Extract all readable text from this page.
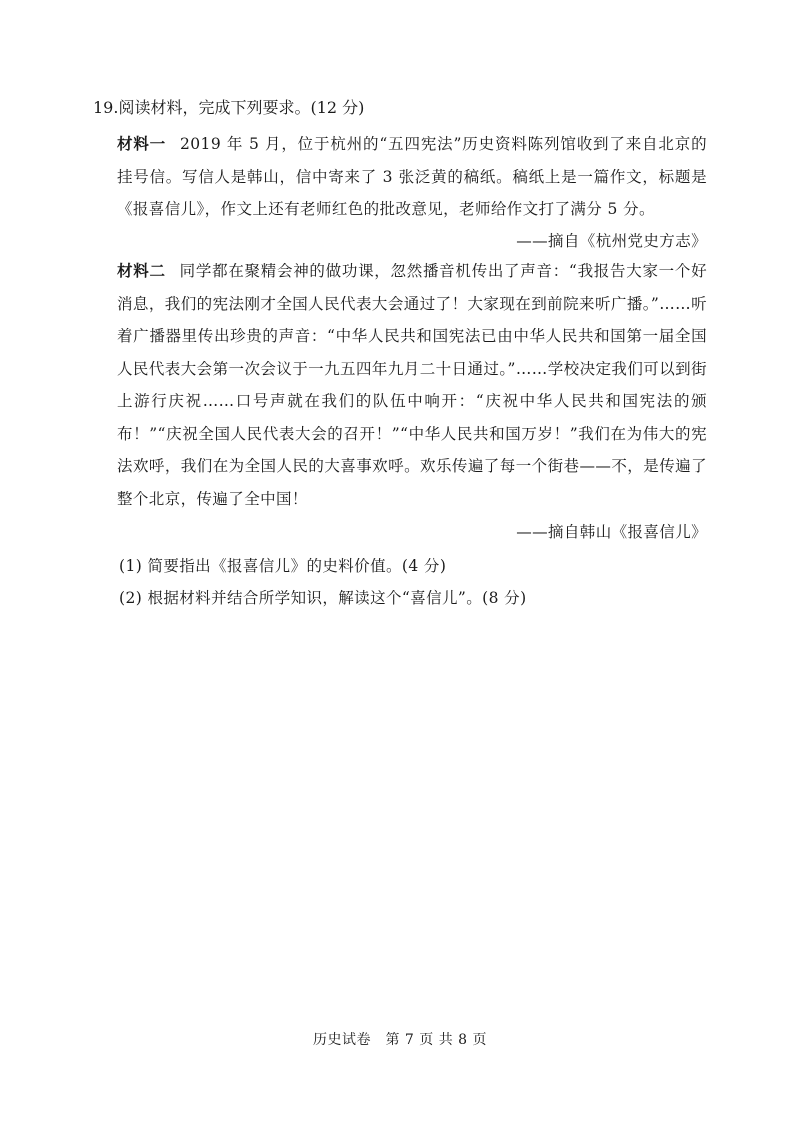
19.阅读材料，完成下列要求。(12 分)
材料一 2019 年 5 月，位于杭州的“五四宪法”历史资料陈列馆收到了来自北京的挂号信。写信人是韩山，信中寄来了 3 张泛黄的稿纸。稿纸上是一篇作文，标题是《报喜信儿》，作文上还有老师红色的批改意见，老师给作文打了满分 5 分。
——摘自《杭州党史方志》
材料二 同学都在聚精会神的做功课，忽然播音机传出了声音：“我报告大家一个好消息，我们的宪法刚才全国人民代表大会通过了！大家现在到前院来听广播。”……听着广播器里传出珍贵的声音：“中华人民共和国宪法已由中华人民共和国第一届全国人民代表大会第一次会议于一九五四年九月二十日通过。”……学校决定我们可以到街上游行庆祝……口号声就在我们的队伍中响开：“庆祝中华人民共和国宪法的颁布！”“庆祝全国人民代表大会的召开！”“中华人民共和国万岁！”我们在为伟大的宪法欢呼，我们在为全国人民的大喜事欢呼。欢乐传遍了每一个街巷——不，是传遍了整个北京，传遍了全中国！
——摘自韩山《报喜信儿》
(1) 简要指出《报喜信儿》的史料价值。(4 分)
(2) 根据材料并结合所学知识，解读这个“喜信儿”。(8 分)
历史试卷　第 7 页 共 8 页
